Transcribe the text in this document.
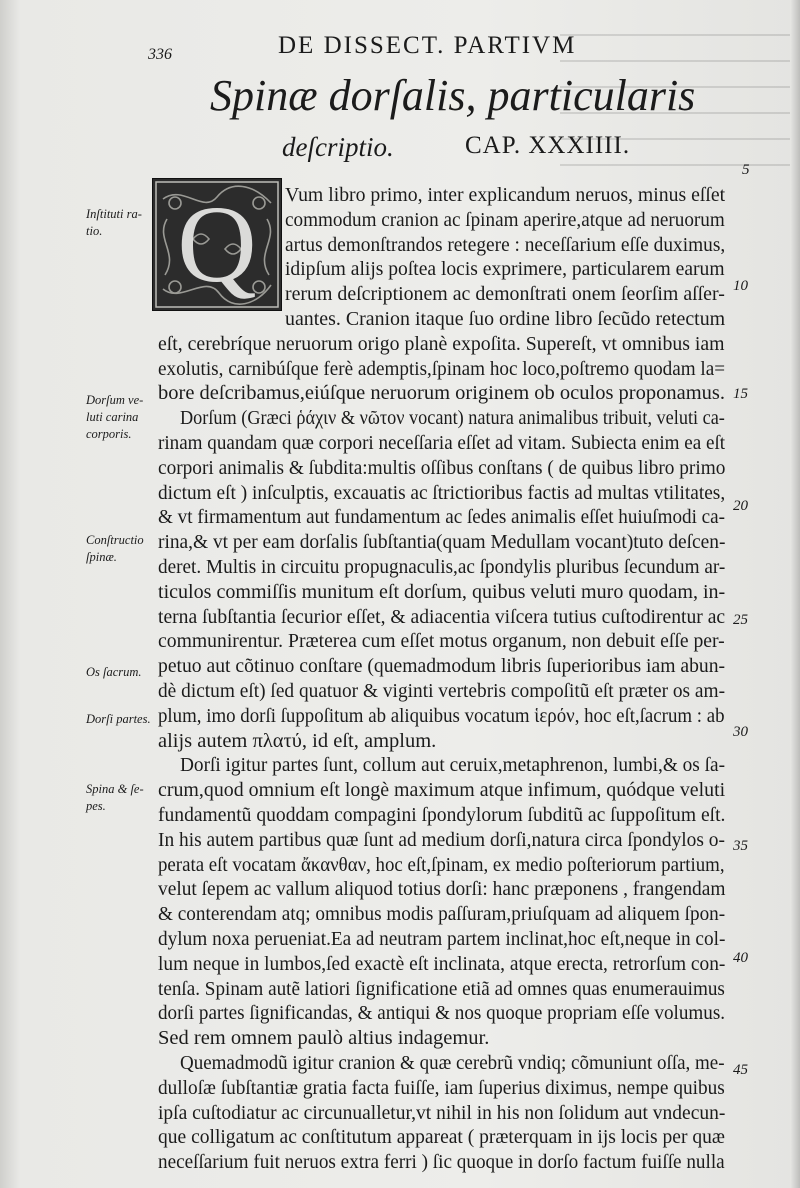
336	DE DISSECT. PARTIVM
Spinæ dorſalis, particularis
deſcriptio.	CAP. XXXIIII.
Q
Inſtituti ra-
tio.
Dorſum ve-
luti carina
corporis.
Conſtructio
ſpinæ.
Os ſacrum.
Dorſi partes.
Spina & ſe-
pes.
5
10
15
20
25
30
35
40
45
Vum libro primo, inter explicandum neruos, minus eſſet
commodum cranion ac ſpinam aperire,atque ad neruorum
artus demonſtrandos retegere : neceſſarium eſſe duximus,
idipſum alijs poſtea locis exprimere, particularem earum
rerum deſcriptionem ac demonſtrati onem ſeorſim aſſer-
uantes. Cranion itaque ſuo ordine libro ſecũdo retectum
eſt, cerebríque neruorum origo planè expoſita. Supereſt, vt omnibus iam
exolutis, carnibúſque ferè ademptis,ſpinam hoc loco,poſtremo quodam la=
bore deſcribamus,eiúſque neruorum originem ob oculos proponamus.
Dorſum (Græci ῥάχιν & νῶτον vocant) natura animalibus tribuit, veluti ca-
rinam quandam quæ corpori neceſſaria eſſet ad vitam. Subiecta enim ea eſt
corpori animalis & ſubdita:multis oſſibus conſtans ( de quibus libro primo
dictum eſt ) inſculptis, excauatis ac ſtrictioribus factis ad multas vtilitates,
& vt firmamentum aut fundamentum ac ſedes animalis eſſet huiuſmodi ca-
rina,& vt per eam dorſalis ſubſtantia(quam Medullam vocant)tuto deſcen-
deret. Multis in circuitu propugnaculis,ac ſpondylis pluribus ſecundum ar-
ticulos commiſſis munitum eſt dorſum, quibus veluti muro quodam, in-
terna ſubſtantia ſecurior eſſet, & adiacentia viſcera tutius cuſtodirentur ac
communirentur. Præterea cum eſſet motus organum, non debuit eſſe per-
petuo aut cõtinuo conſtare (quemadmodum libris ſuperioribus iam abun-
dè dictum eſt) ſed quatuor & viginti vertebris compoſitũ eſt præter os am-
plum, imo dorſi ſuppoſitum ab aliquibus vocatum ἱερόν, hoc eſt,ſacrum : ab
alijs autem πλατύ, id eſt, amplum.
Dorſi igitur partes ſunt, collum aut ceruix,metaphrenon, lumbi,& os ſa-
crum,quod omnium eſt longè maximum atque infimum, quódque veluti
fundamentũ quoddam compagini ſpondylorum ſubditũ ac ſuppoſitum eſt.
In his autem partibus quæ ſunt ad medium dorſi,natura circa ſpondylos o-
perata eſt vocatam ἄκανθαν, hoc eſt,ſpinam, ex medio poſteriorum partium,
velut ſepem ac vallum aliquod totius dorſi: hanc præponens , frangendam
& conterendam atq; omnibus modis paſſuram,priuſquam ad aliquem ſpon-
dylum noxa perueniat.Ea ad neutram partem inclinat,hoc eſt,neque in col-
lum neque in lumbos,ſed exactè eſt inclinata, atque erecta, retrorſum con-
tenſa. Spinam autẽ latiori ſignificatione etiã ad omnes quas enumerauimus
dorſi partes ſignificandas, & antiqui & nos quoque propriam eſſe volumus.
Sed rem omnem paulò altius indagemur.
Quemadmodũ igitur cranion & quæ cerebrũ vndiq; cõmuniunt oſſa, me-
dulloſæ ſubſtantiæ gratia facta fuiſſe, iam ſuperius diximus, nempe quibus
ipſa cuſtodiatur ac circunualletur,vt nihil in his non ſolidum aut vndecun-
que colligatum ac conſtitutum appareat ( præterquam in ijs locis per quæ
neceſſarium fuit neruos extra ferri ) ſic quoque in dorſo factum fuiſſe nulla
